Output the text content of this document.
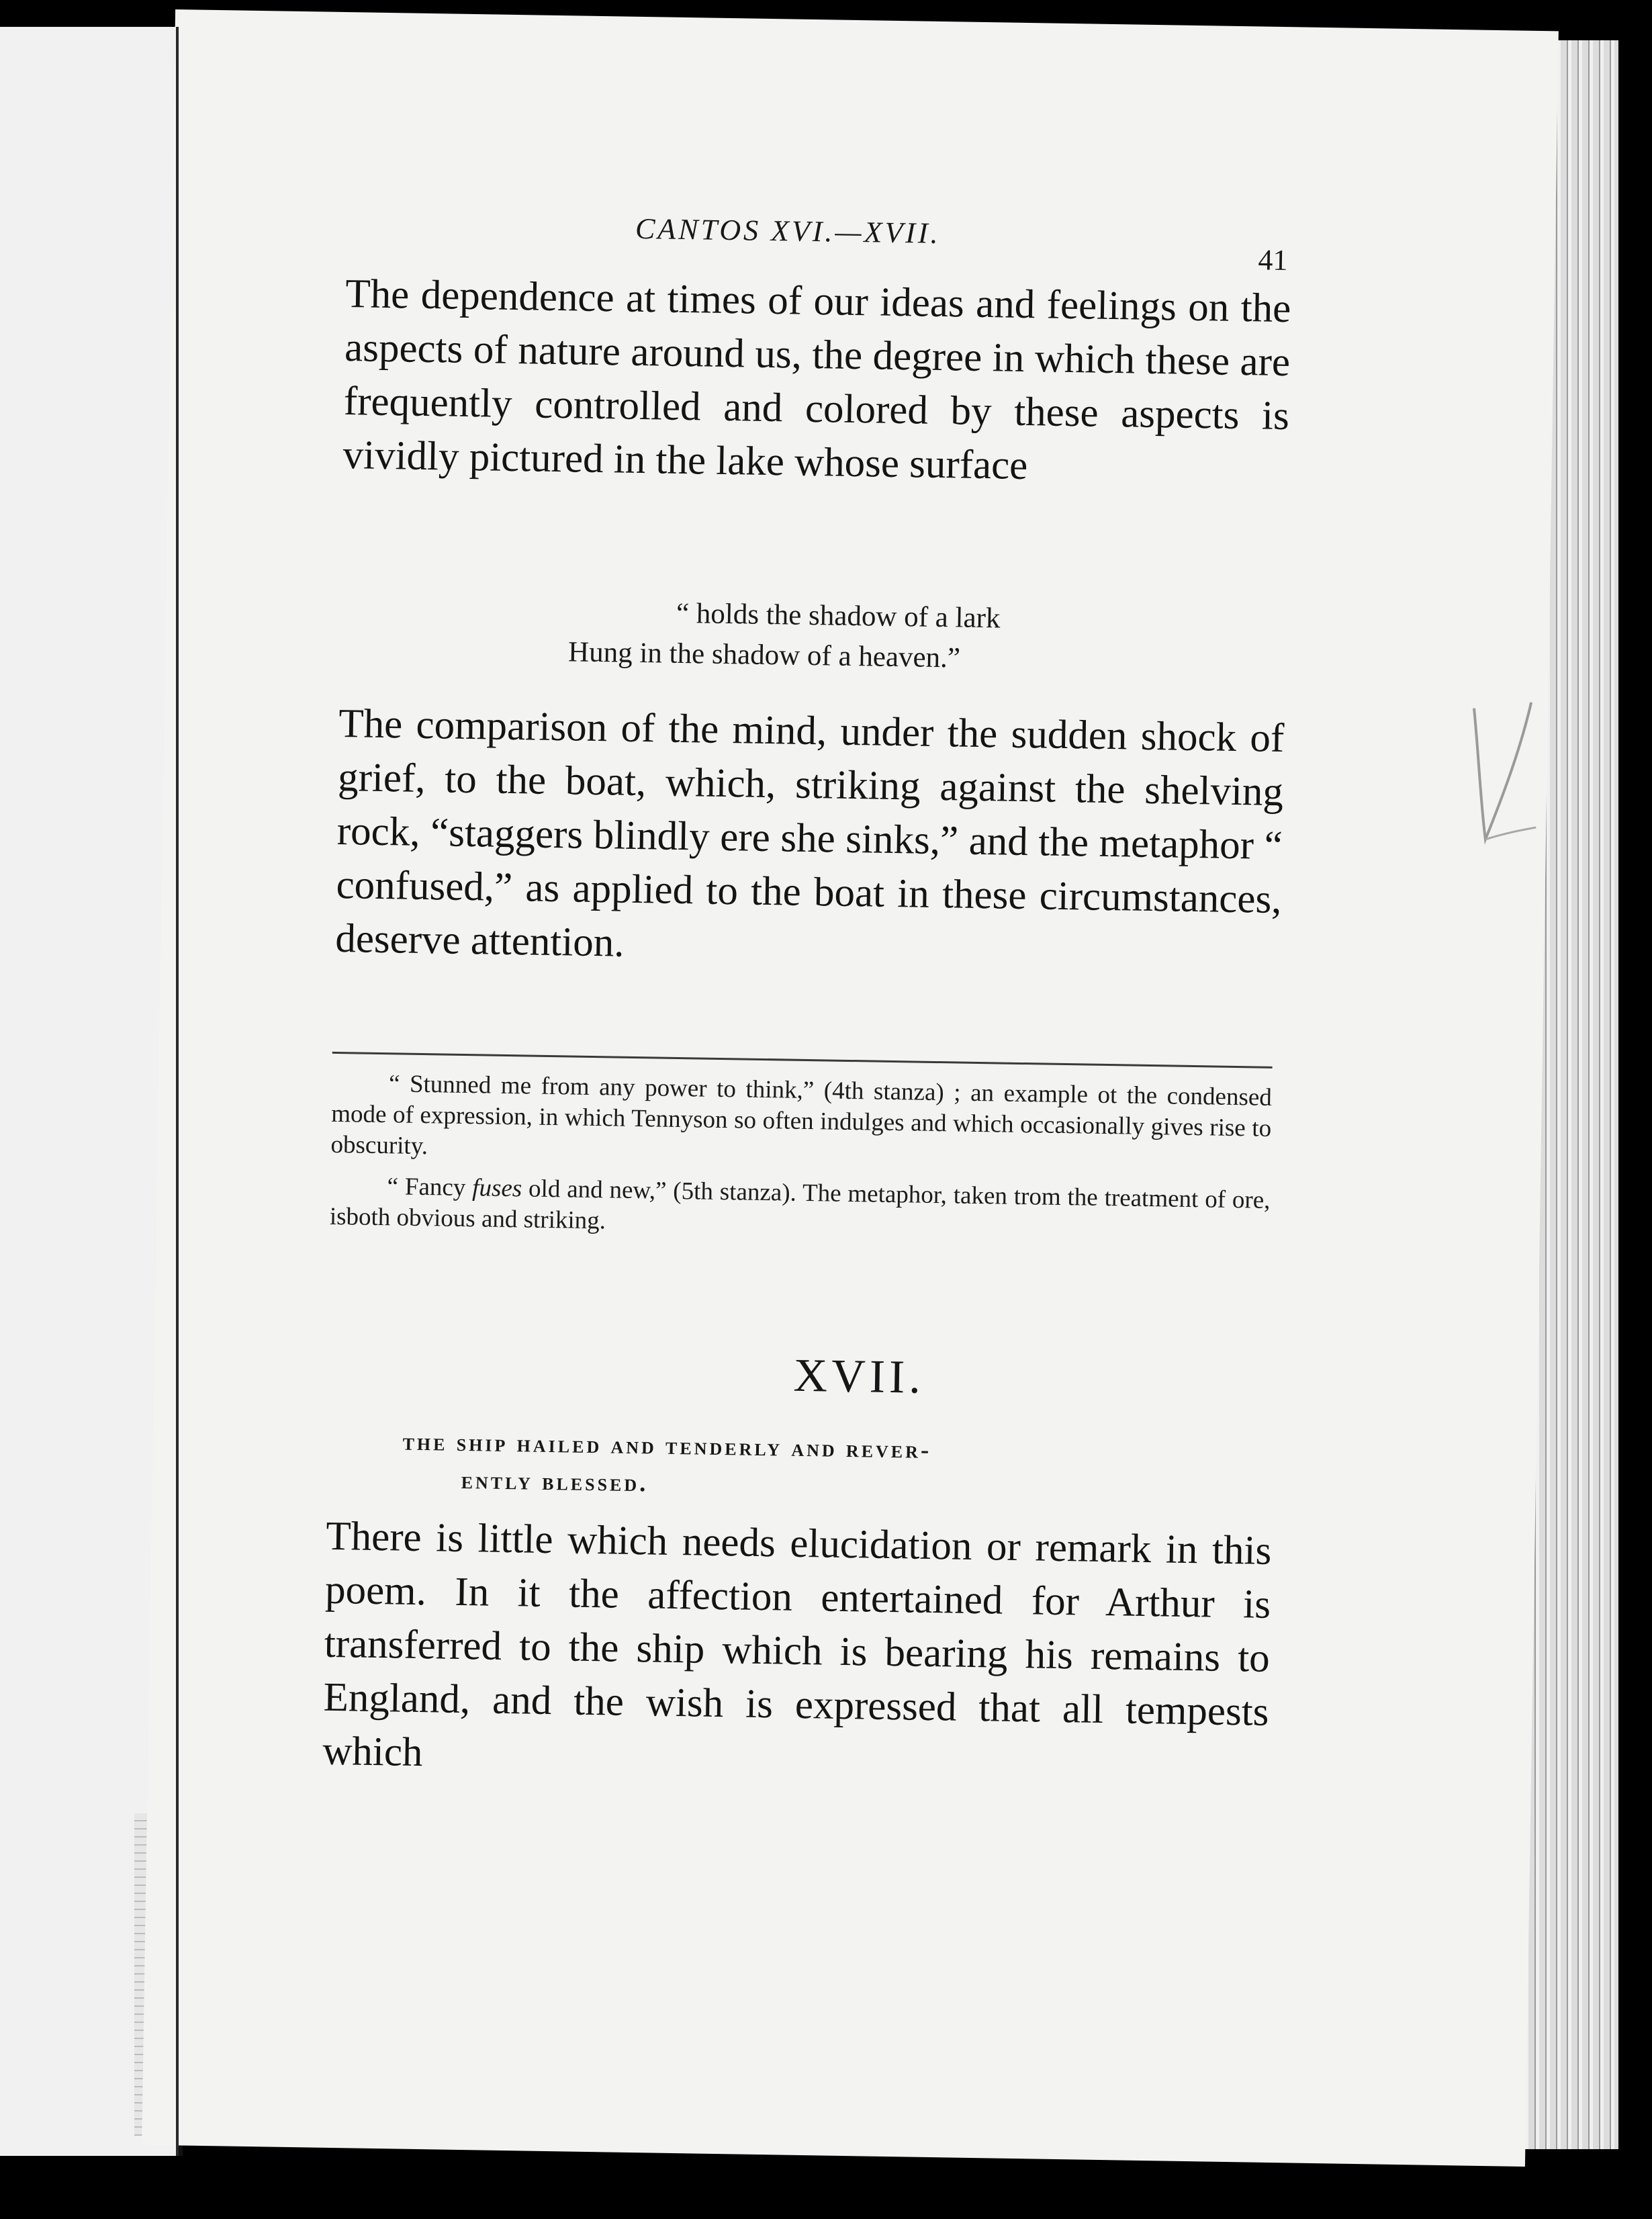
CANTOS XVI.—XVII.
41

The dependence at times of our ideas and feelings on the aspects of nature around us, the degree in which these are frequently controlled and colored by these aspects is vividly pictured in the lake whose surface

“ holds the shadow of a lark
Hung in the shadow of a heaven.”

The comparison of the mind, under the sudden shock of grief, to the boat, which, striking against the shelving rock, “staggers blindly ere she sinks,” and the metaphor “ confused,” as applied to the boat in these circumstances, deserve attention.

“ Stunned me from any power to think,” (4th stanza) ; an example ot the condensed mode of expression, in which Tennyson so often indulges and which occasionally gives rise to obscurity.

“ Fancy fuses old and new,” (5th stanza). The metaphor, taken trom the treatment of ore, isboth obvious and striking.

XVII.
the ship hailed and tenderly and rever-
ently blessed.

There is little which needs elucidation or remark in this poem. In it the affection entertained for Arthur is transferred to the ship which is bearing his remains to England, and the wish is expressed that all tempests which
